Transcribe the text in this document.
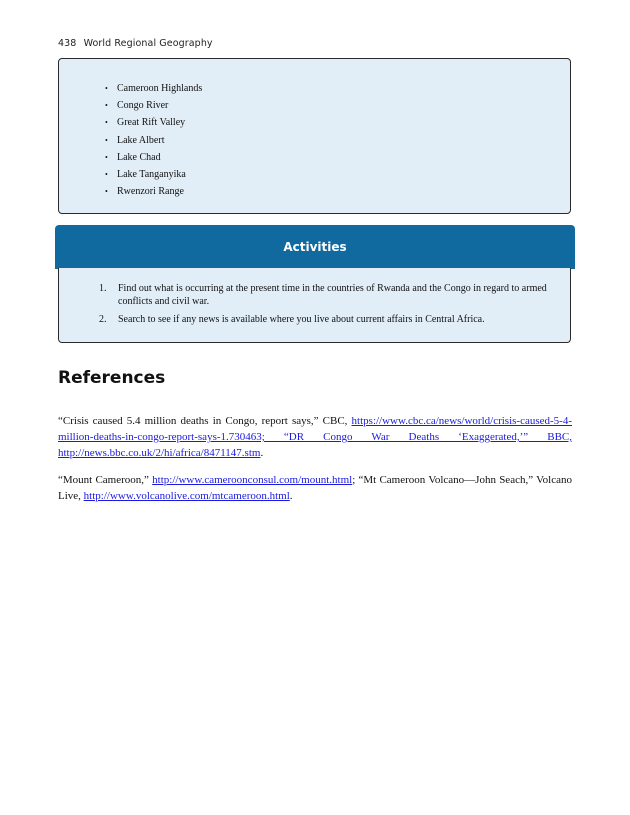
438 World Regional Geography
• Cameroon Highlands
• Congo River
• Great Rift Valley
• Lake Albert
• Lake Chad
• Lake Tanganyika
• Rwenzori Range
Activities
1. Find out what is occurring at the present time in the countries of Rwanda and the Congo in regard to armed conflicts and civil war.
2. Search to see if any news is available where you live about current affairs in Central Africa.
References

“Crisis caused 5.4 million deaths in Congo, report says,” CBC, https://www.cbc.ca/news/world/crisis-caused-5-4-million-deaths-in-congo-report-says-1.730463; “DR Congo War Deaths ‘Exaggerated,’” BBC, http://news.bbc.co.uk/2/hi/africa/8471147.stm.

“Mount Cameroon,” http://www.cameroonconsul.com/mount.html; “Mt Cameroon Volcano—John Seach,” Volcano Live, http://www.volcanolive.com/mtcameroon.html.
